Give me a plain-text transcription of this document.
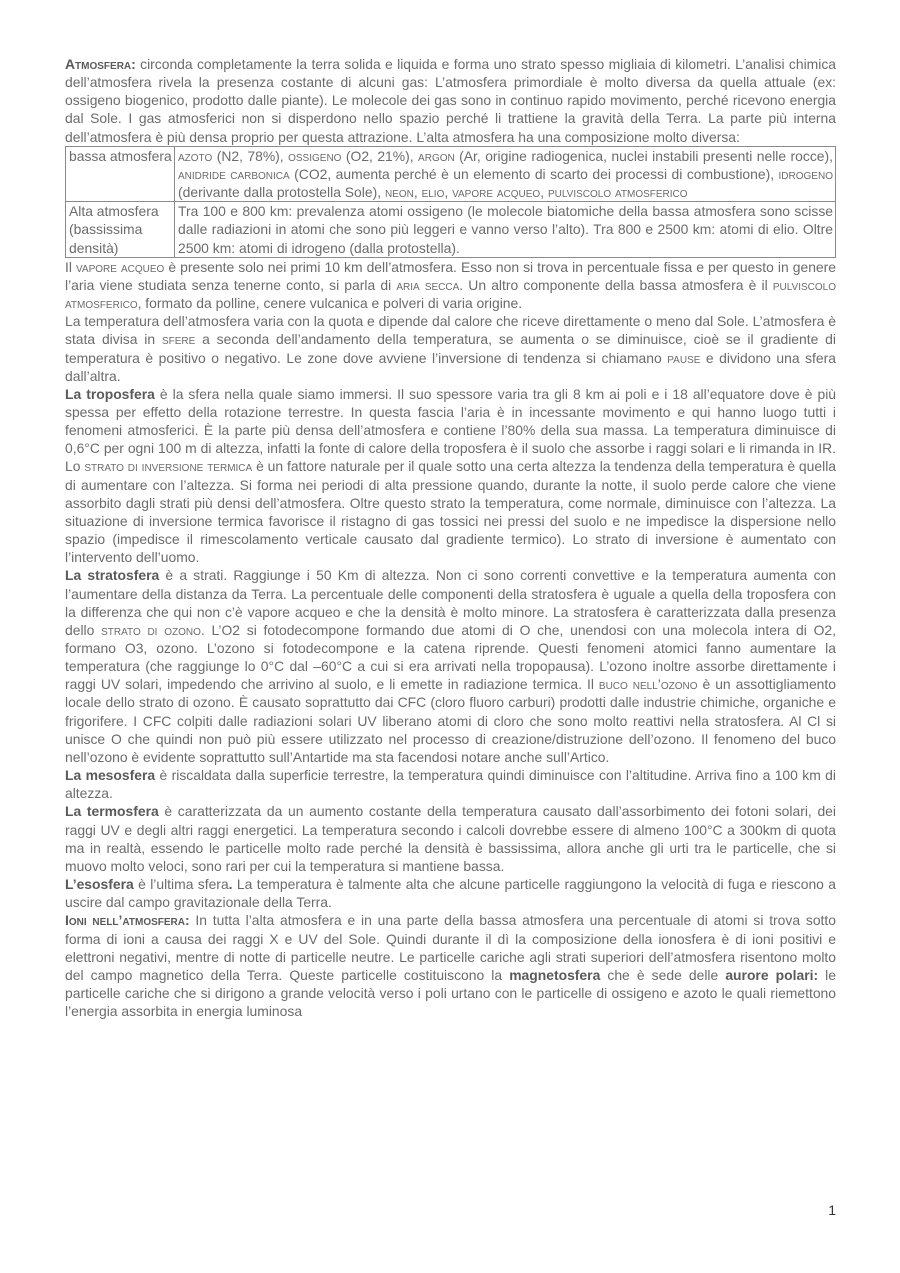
Atmosfera: circonda completamente la terra solida e liquida e forma uno strato spesso migliaia di kilometri. L’analisi chimica dell’atmosfera rivela la presenza costante di alcuni gas: L’atmosfera primordiale è molto diversa da quella attuale (ex: ossigeno biogenico, prodotto dalle piante). Le molecole dei gas sono in continuo rapido movimento, perché ricevono energia dal Sole. I gas atmosferici non si disperdono nello spazio perché li trattiene la gravità della Terra. La parte più interna dell’atmosfera è più densa proprio per questa attrazione. L’alta atmosfera ha una composizione molto diversa:

bassa atmosfera	azoto (N2, 78%), ossigeno (O2, 21%), argon (Ar, origine radiogenica, nuclei instabili presenti nelle rocce), anidride carbonica (CO2, aumenta perché è un elemento di scarto dei processi di combustione), idrogeno (derivante dalla protostella Sole), neon, elio, vapore acqueo, pulviscolo atmosferico
Alta atmosfera (bassissima densità)	Tra 100 e 800 km: prevalenza atomi ossigeno (le molecole biatomiche della bassa atmosfera sono scisse dalle radiazioni in atomi che sono più leggeri e vanno verso l’alto). Tra 800 e 2500 km: atomi di elio. Oltre 2500 km: atomi di idrogeno (dalla protostella).

Il vapore acqueo è presente solo nei primi 10 km dell’atmosfera. Esso non si trova in percentuale fissa e per questo in genere l’aria viene studiata senza tenerne conto, si parla di aria secca. Un altro componente della bassa atmosfera è il pulviscolo atmosferico, formato da polline, cenere vulcanica e polveri di varia origine.

La temperatura dell’atmosfera varia con la quota e dipende dal calore che riceve direttamente o meno dal Sole. L’atmosfera è stata divisa in sfere a seconda dell’andamento della temperatura, se aumenta o se diminuisce, cioè se il gradiente di temperatura è positivo o negativo. Le zone dove avviene l’inversione di tendenza si chiamano pause e dividono una sfera dall’altra.

La troposfera è la sfera nella quale siamo immersi. Il suo spessore varia tra gli 8 km ai poli e i 18 all’equatore dove è più spessa per effetto della rotazione terrestre. In questa fascia l’aria è in incessante movimento e qui hanno luogo tutti i fenomeni atmosferici. È la parte più densa dell’atmosfera e contiene l’80% della sua massa. La temperatura diminuisce di 0,6°C per ogni 100 m di altezza, infatti la fonte di calore della troposfera è il suolo che assorbe i raggi solari e li rimanda in IR. Lo strato di inversione termica è un fattore naturale per il quale sotto una certa altezza la tendenza della temperatura è quella di aumentare con l’altezza. Si forma nei periodi di alta pressione quando, durante la notte, il suolo perde calore che viene assorbito dagli strati più densi dell’atmosfera. Oltre questo strato la temperatura, come normale, diminuisce con l’altezza. La situazione di inversione termica favorisce il ristagno di gas tossici nei pressi del suolo e ne impedisce la dispersione nello spazio (impedisce il rimescolamento verticale causato dal gradiente termico). Lo strato di inversione è aumentato con l’intervento dell’uomo.

La stratosfera è a strati. Raggiunge i 50 Km di altezza. Non ci sono correnti convettive e la temperatura aumenta con l’aumentare della distanza da Terra. La percentuale delle componenti della stratosfera è uguale a quella della troposfera con la differenza che qui non c’è vapore acqueo e che la densità è molto minore. La stratosfera è caratterizzata dalla presenza dello strato di ozono. L’O2 si fotodecompone formando due atomi di O che, unendosi con una molecola intera di O2, formano O3, ozono. L’ozono si fotodecompone e la catena riprende. Questi fenomeni atomici fanno aumentare la temperatura (che raggiunge lo 0°C dal –60°C a cui si era arrivati nella tropopausa). L’ozono inoltre assorbe direttamente i raggi UV solari, impedendo che arrivino al suolo, e li emette in radiazione termica. Il buco nell’ozono è un assottigliamento locale dello strato di ozono. È causato soprattutto dai CFC (cloro fluoro carburi) prodotti dalle industrie chimiche, organiche e frigorifere. I CFC colpiti dalle radiazioni solari UV liberano atomi di cloro che sono molto reattivi nella stratosfera. Al Cl si unisce O che quindi non può più essere utilizzato nel processo di creazione/distruzione dell’ozono. Il fenomeno del buco nell’ozono è evidente soprattutto sull’Antartide ma sta facendosi notare anche sull’Artico.

La mesosfera è riscaldata dalla superficie terrestre, la temperatura quindi diminuisce con l’altitudine. Arriva fino a 100 km di altezza.

La termosfera è caratterizzata da un aumento costante della temperatura causato dall’assorbimento dei fotoni solari, dei raggi UV e degli altri raggi energetici. La temperatura secondo i calcoli dovrebbe essere di almeno 100°C a 300km di quota ma in realtà, essendo le particelle molto rade perché la densità è bassissima, allora anche gli urti tra le particelle, che si muovo molto veloci, sono rari per cui la temperatura si mantiene bassa.

L’esosfera è l’ultima sfera. La temperatura è talmente alta che alcune particelle raggiungono la velocità di fuga e riescono a uscire dal campo gravitazionale della Terra.

Ioni nell’atmosfera: In tutta l’alta atmosfera e in una parte della bassa atmosfera una percentuale di atomi si trova sotto forma di ioni a causa dei raggi X e UV del Sole. Quindi durante il dì la composizione della ionosfera è di ioni positivi e elettroni negativi, mentre di notte di particelle neutre. Le particelle cariche agli strati superiori dell’atmosfera risentono molto del campo magnetico della Terra. Queste particelle costituiscono la magnetosfera che è sede delle aurore polari: le particelle cariche che si dirigono a grande velocità verso i poli urtano con le particelle di ossigeno e azoto le quali riemettono l’energia assorbita in energia luminosa

1
